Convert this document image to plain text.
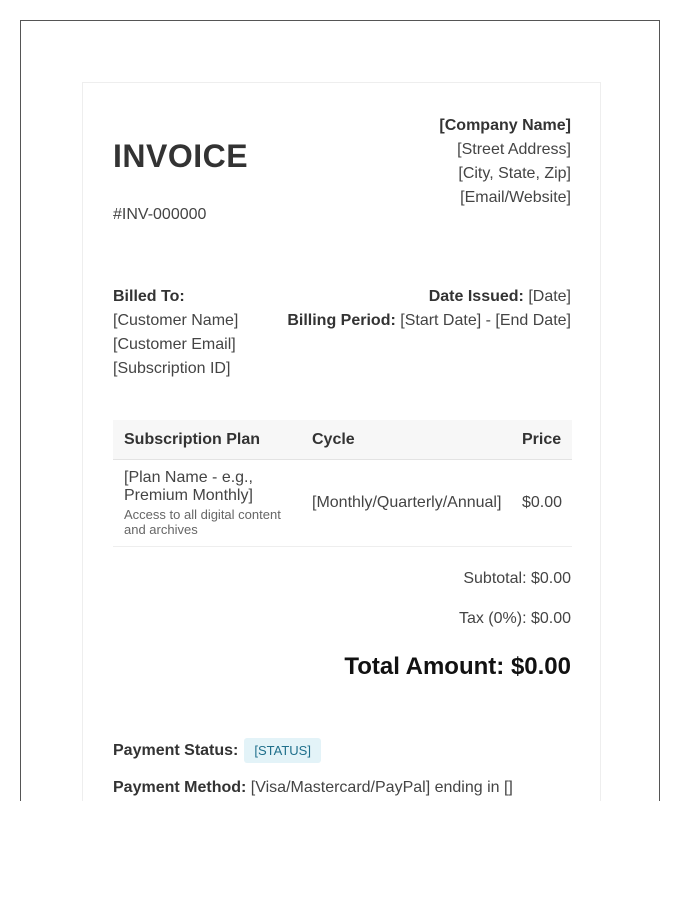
INVOICE
#INV-000000
[Company Name]
[Street Address]
[City, State, Zip]
[Email/Website]
Billed To:
[Customer Name]
[Customer Email]
[Subscription ID]
Date Issued: [Date]
Billing Period: [Start Date] - [End Date]
Subscription Plan	Cycle	Price

[Plan Name - e.g., Premium Monthly]
Access to all digital content and archives	[Monthly/Quarterly/Annual]	$0.00
Subtotal: $0.00
Tax (0%): $0.00
Total Amount: $0.00
Payment Status:	[STATUS]
Payment Method: [Visa/Mastercard/PayPal] ending in []
